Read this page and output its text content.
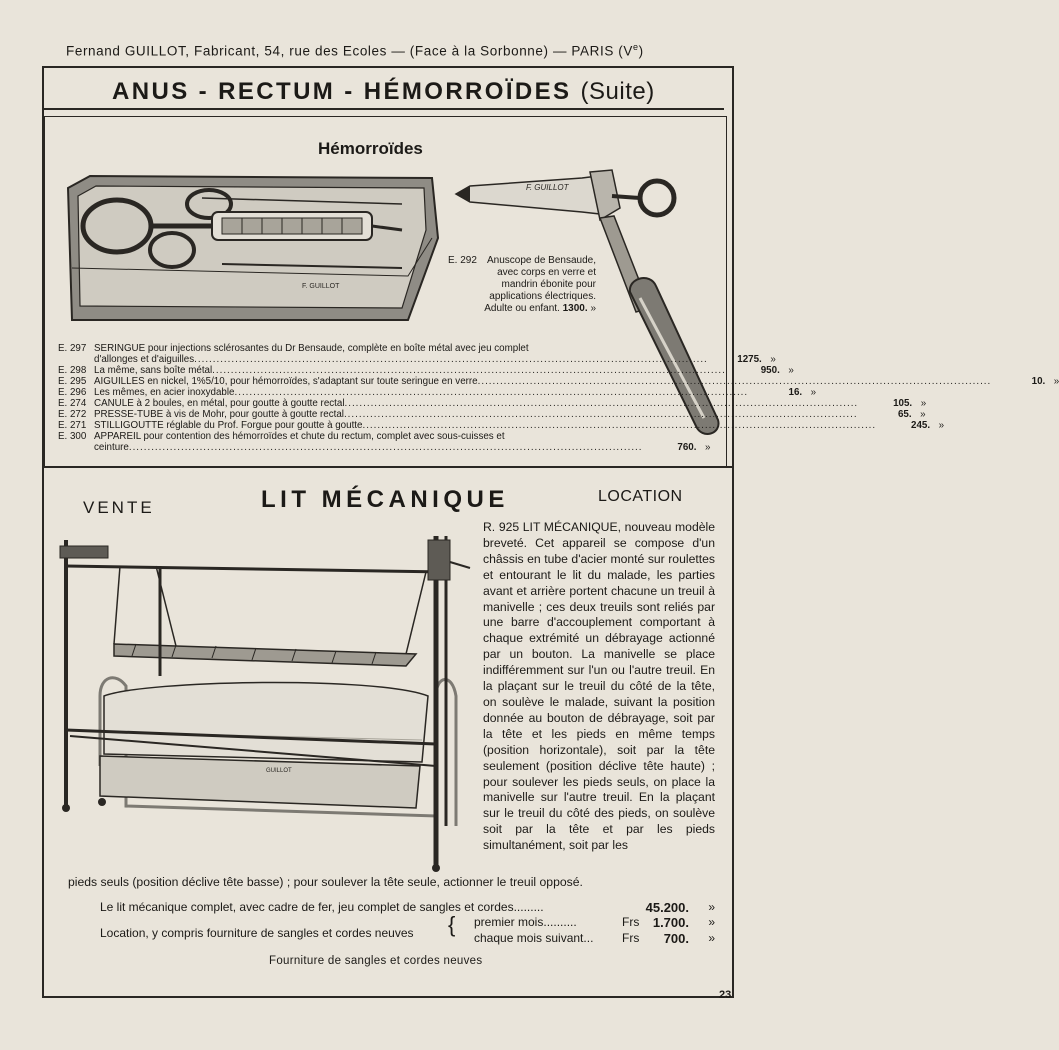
Fernand GUILLOT, Fabricant, 54, rue des Ecoles — (Face à la Sorbonne) — PARIS (Ve)
ANUS - RECTUM - HÉMORROÏDES (Suite)
Hémorroïdes
F. GUILLOT
F. GUILLOT
E. 292	Anuscope de Bensaude, avec corps en verre et mandrin ébonite pour applications électriques. Adulte ou enfant. 1300. »
E. 297 SERINGUE pour injections sclérosantes du Dr Bensaude, complète en boîte métal avec jeu complet
d'allonges et d'aiguilles..........................................................................................................................................	1275. »
E. 298 La même, sans boîte métal..........................................................................................................................................	950. »
E. 295 AIGUILLES en nickel, 1%5/10, pour hémorroïdes, s'adaptant sur toute seringue en verre..........................................................................................................................................	10. »
E. 296 Les mêmes, en acier inoxydable..........................................................................................................................................	16. »
E. 274 CANULE à 2 boules, en métal, pour goutte à goutte rectal..........................................................................................................................................	105. »
E. 272 PRESSE-TUBE à vis de Mohr, pour goutte à goutte rectal..........................................................................................................................................	65. »
E. 271 STILLIGOUTTE réglable du Prof. Forgue pour goutte à goutte..........................................................................................................................................	245. »
E. 300 APPAREIL pour contention des hémorroïdes et chute du rectum, complet avec sous-cuisses et
ceinture..........................................................................................................................................	760. »
VENTE	LIT MÉCANIQUE	LOCATION
GUILLOT
R. 925 LIT MÉCANIQUE, nouveau modèle breveté. Cet appareil se compose d'un châssis en tube d'acier monté sur roulettes et entourant le lit du malade, les parties avant et arrière portent chacune un treuil à manivelle ; ces deux treuils sont reliés par une barre d'accouplement comportant à chaque extrémité un débrayage actionné par un bouton. La manivelle se place indifféremment sur l'un ou l'autre treuil. En la plaçant sur le treuil du côté de la tête, on soulève le malade, suivant la position donnée au bouton de débrayage, soit par la tête et les pieds en même temps (position horizontale), soit par la tête seulement (position déclive tête haute) ; pour soulever les pieds seuls, on place la manivelle sur l'autre treuil. En la plaçant sur le treuil du côté des pieds, on soulève soit par la tête et par les pieds simultanément, soit par les
pieds seuls (position déclive tête basse) ; pour soulever la tête seule, actionner le treuil opposé.
Le lit mécanique complet, avec cadre de fer, jeu complet de sangles et cordes.........	45.200. »
Location, y compris fourniture de sangles et cordes neuves { premier mois..........	Frs 1.700. »
chaque mois suivant... Frs 700. »
Fourniture de sangles et cordes neuves
23
